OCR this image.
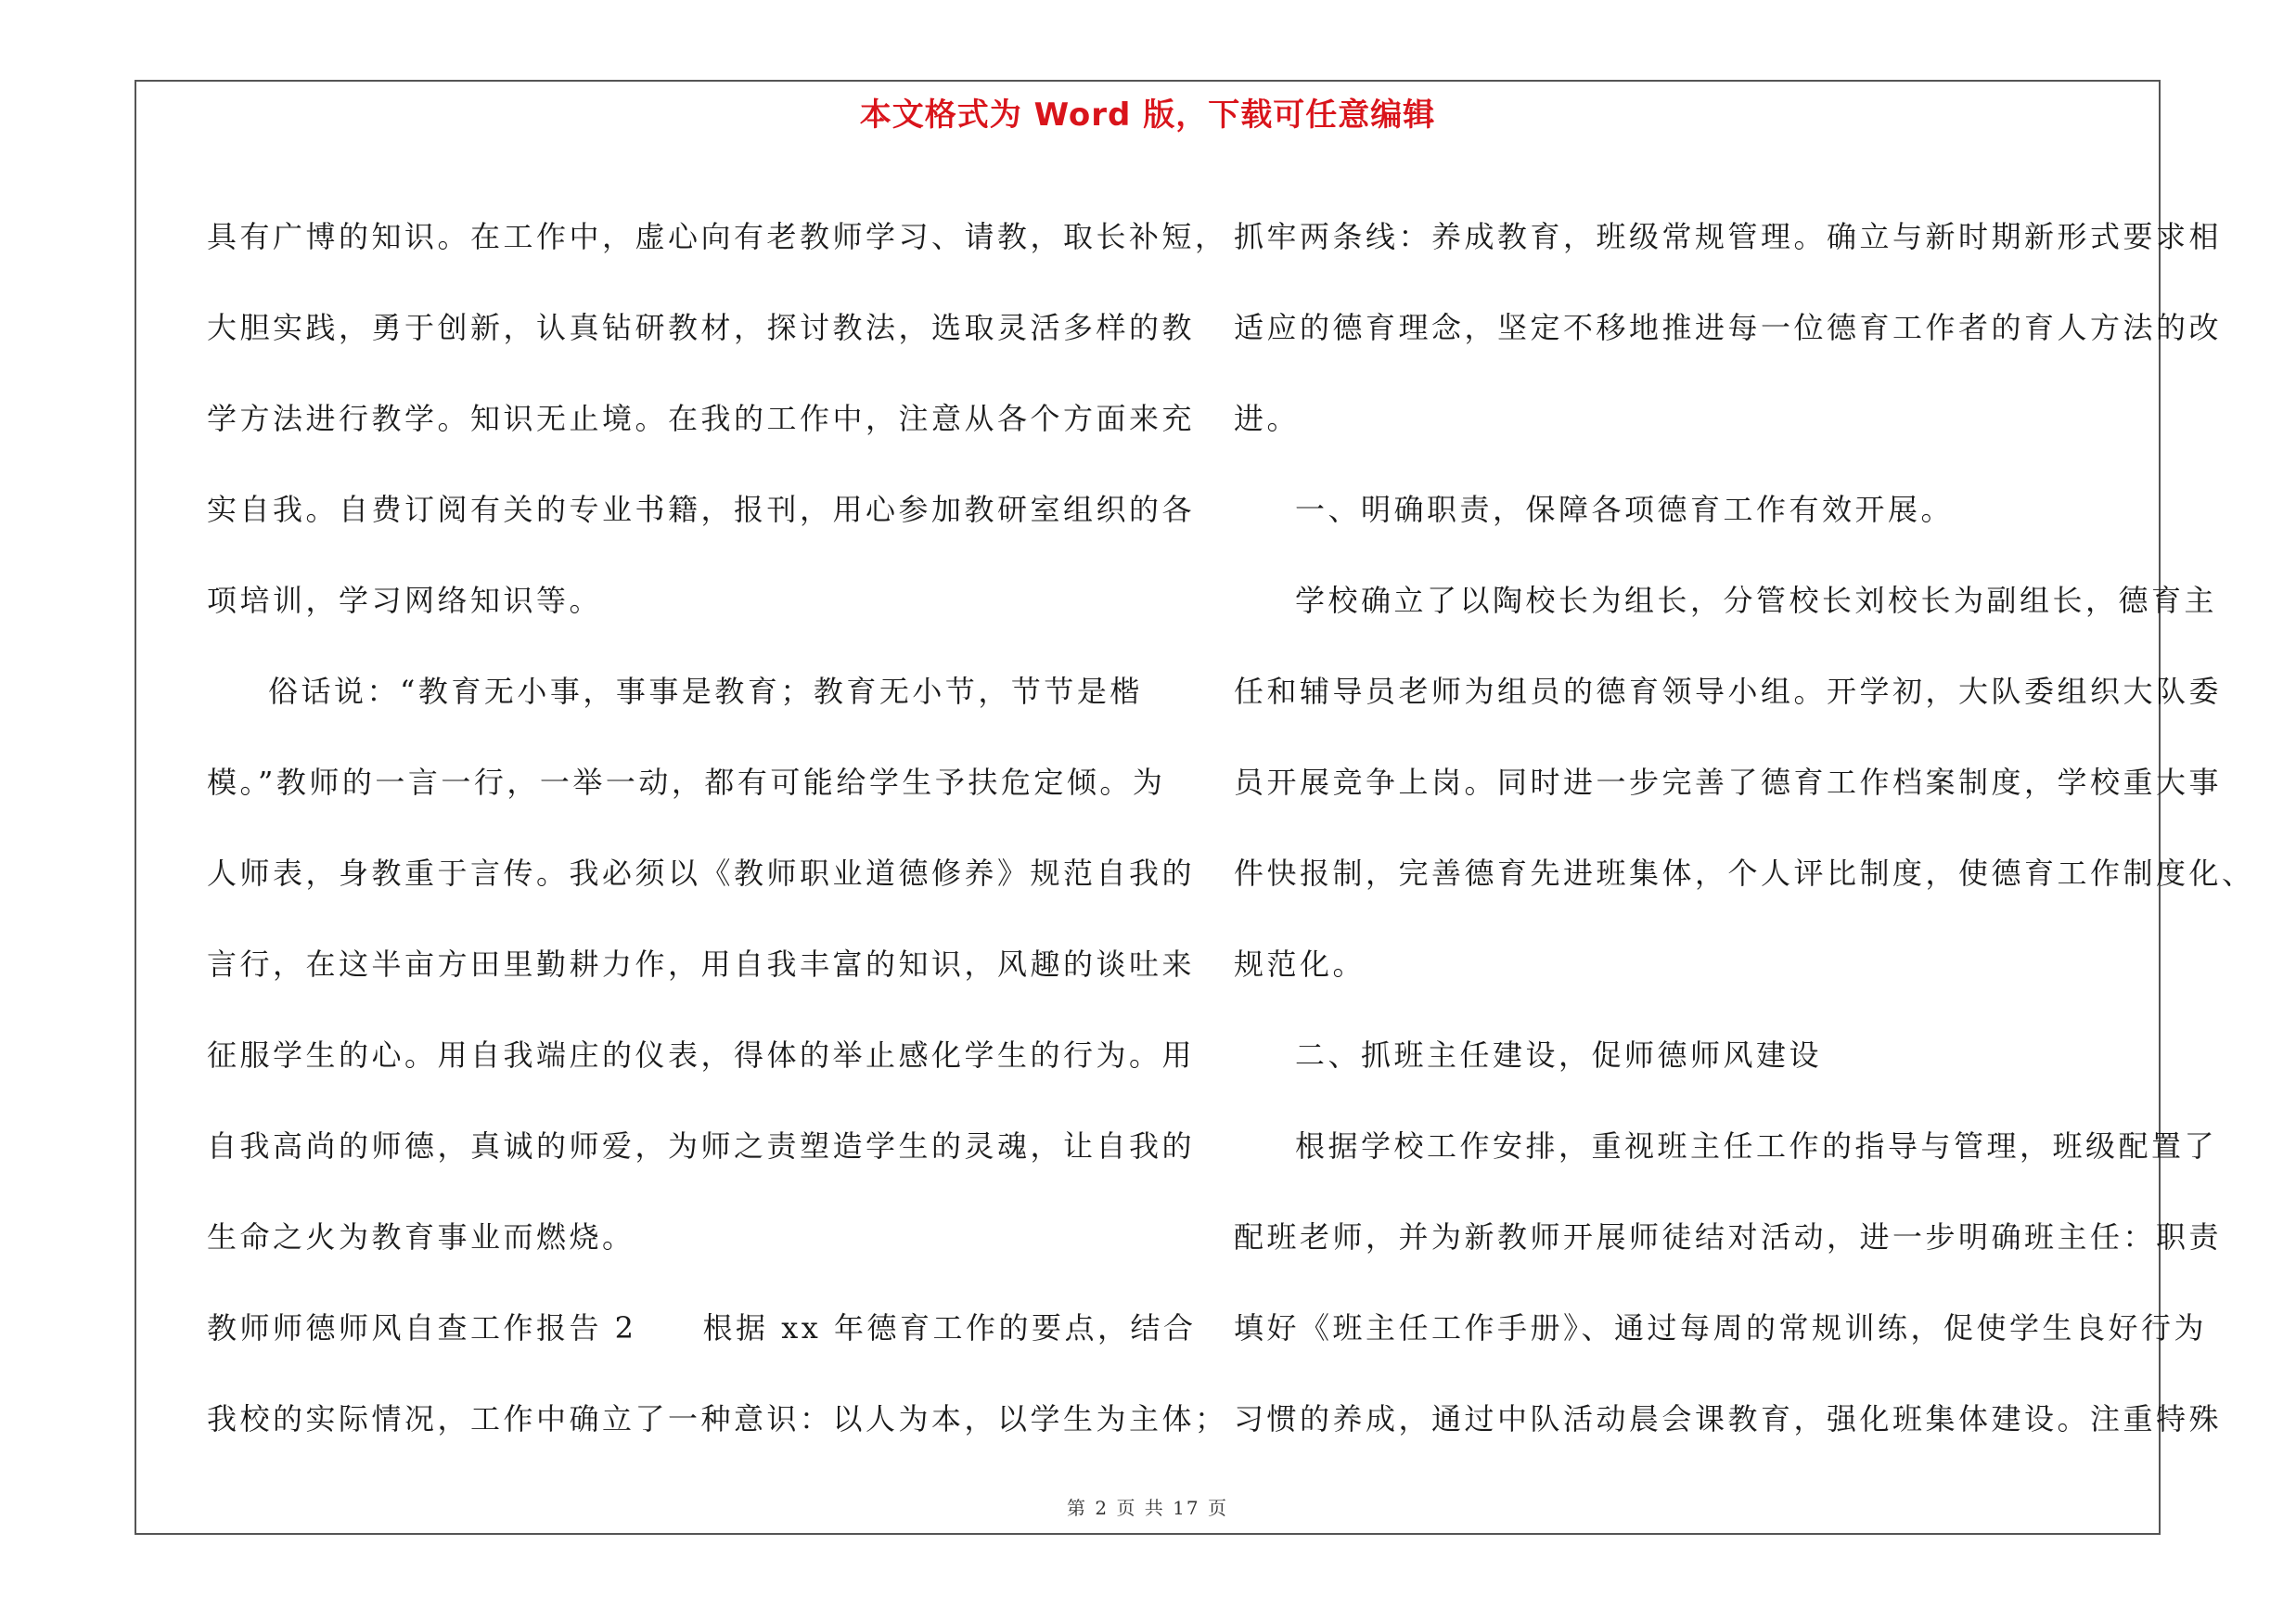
本文格式为 Word 版，下载可任意编辑
具有广博的知识。在工作中，虚心向有老教师学习、请教，取长补短，
大胆实践，勇于创新，认真钻研教材，探讨教法，选取灵活多样的教
学方法进行教学。知识无止境。在我的工作中，注意从各个方面来充
实自我。自费订阅有关的专业书籍，报刊，用心参加教研室组织的各
项培训，学习网络知识等。
俗话说：“教育无小事，事事是教育；教育无小节，节节是楷
模。”教师的一言一行，一举一动，都有可能给学生予扶危定倾。为
人师表，身教重于言传。我必须以《教师职业道德修养》规范自我的
言行，在这半亩方田里勤耕力作，用自我丰富的知识，风趣的谈吐来
征服学生的心。用自我端庄的仪表，得体的举止感化学生的行为。用
自我高尚的师德，真诚的师爱，为师之责塑造学生的灵魂，让自我的
生命之火为教育事业而燃烧。
教师师德师风自查工作报告 2　　根据 xx 年德育工作的要点，结合
我校的实际情况，工作中确立了一种意识：以人为本，以学生为主体；
抓牢两条线：养成教育，班级常规管理。确立与新时期新形式要求相
适应的德育理念，坚定不移地推进每一位德育工作者的育人方法的改
进。
一、明确职责，保障各项德育工作有效开展。
学校确立了以陶校长为组长，分管校长刘校长为副组长，德育主
任和辅导员老师为组员的德育领导小组。开学初，大队委组织大队委
员开展竞争上岗。同时进一步完善了德育工作档案制度，学校重大事
件快报制，完善德育先进班集体，个人评比制度，使德育工作制度化、
规范化。
二、抓班主任建设，促师德师风建设
根据学校工作安排，重视班主任工作的指导与管理，班级配置了
配班老师，并为新教师开展师徒结对活动，进一步明确班主任：职责
填好《班主任工作手册》、通过每周的常规训练，促使学生良好行为
习惯的养成，通过中队活动晨会课教育，强化班集体建设。注重特殊
第 2 页 共 17 页
